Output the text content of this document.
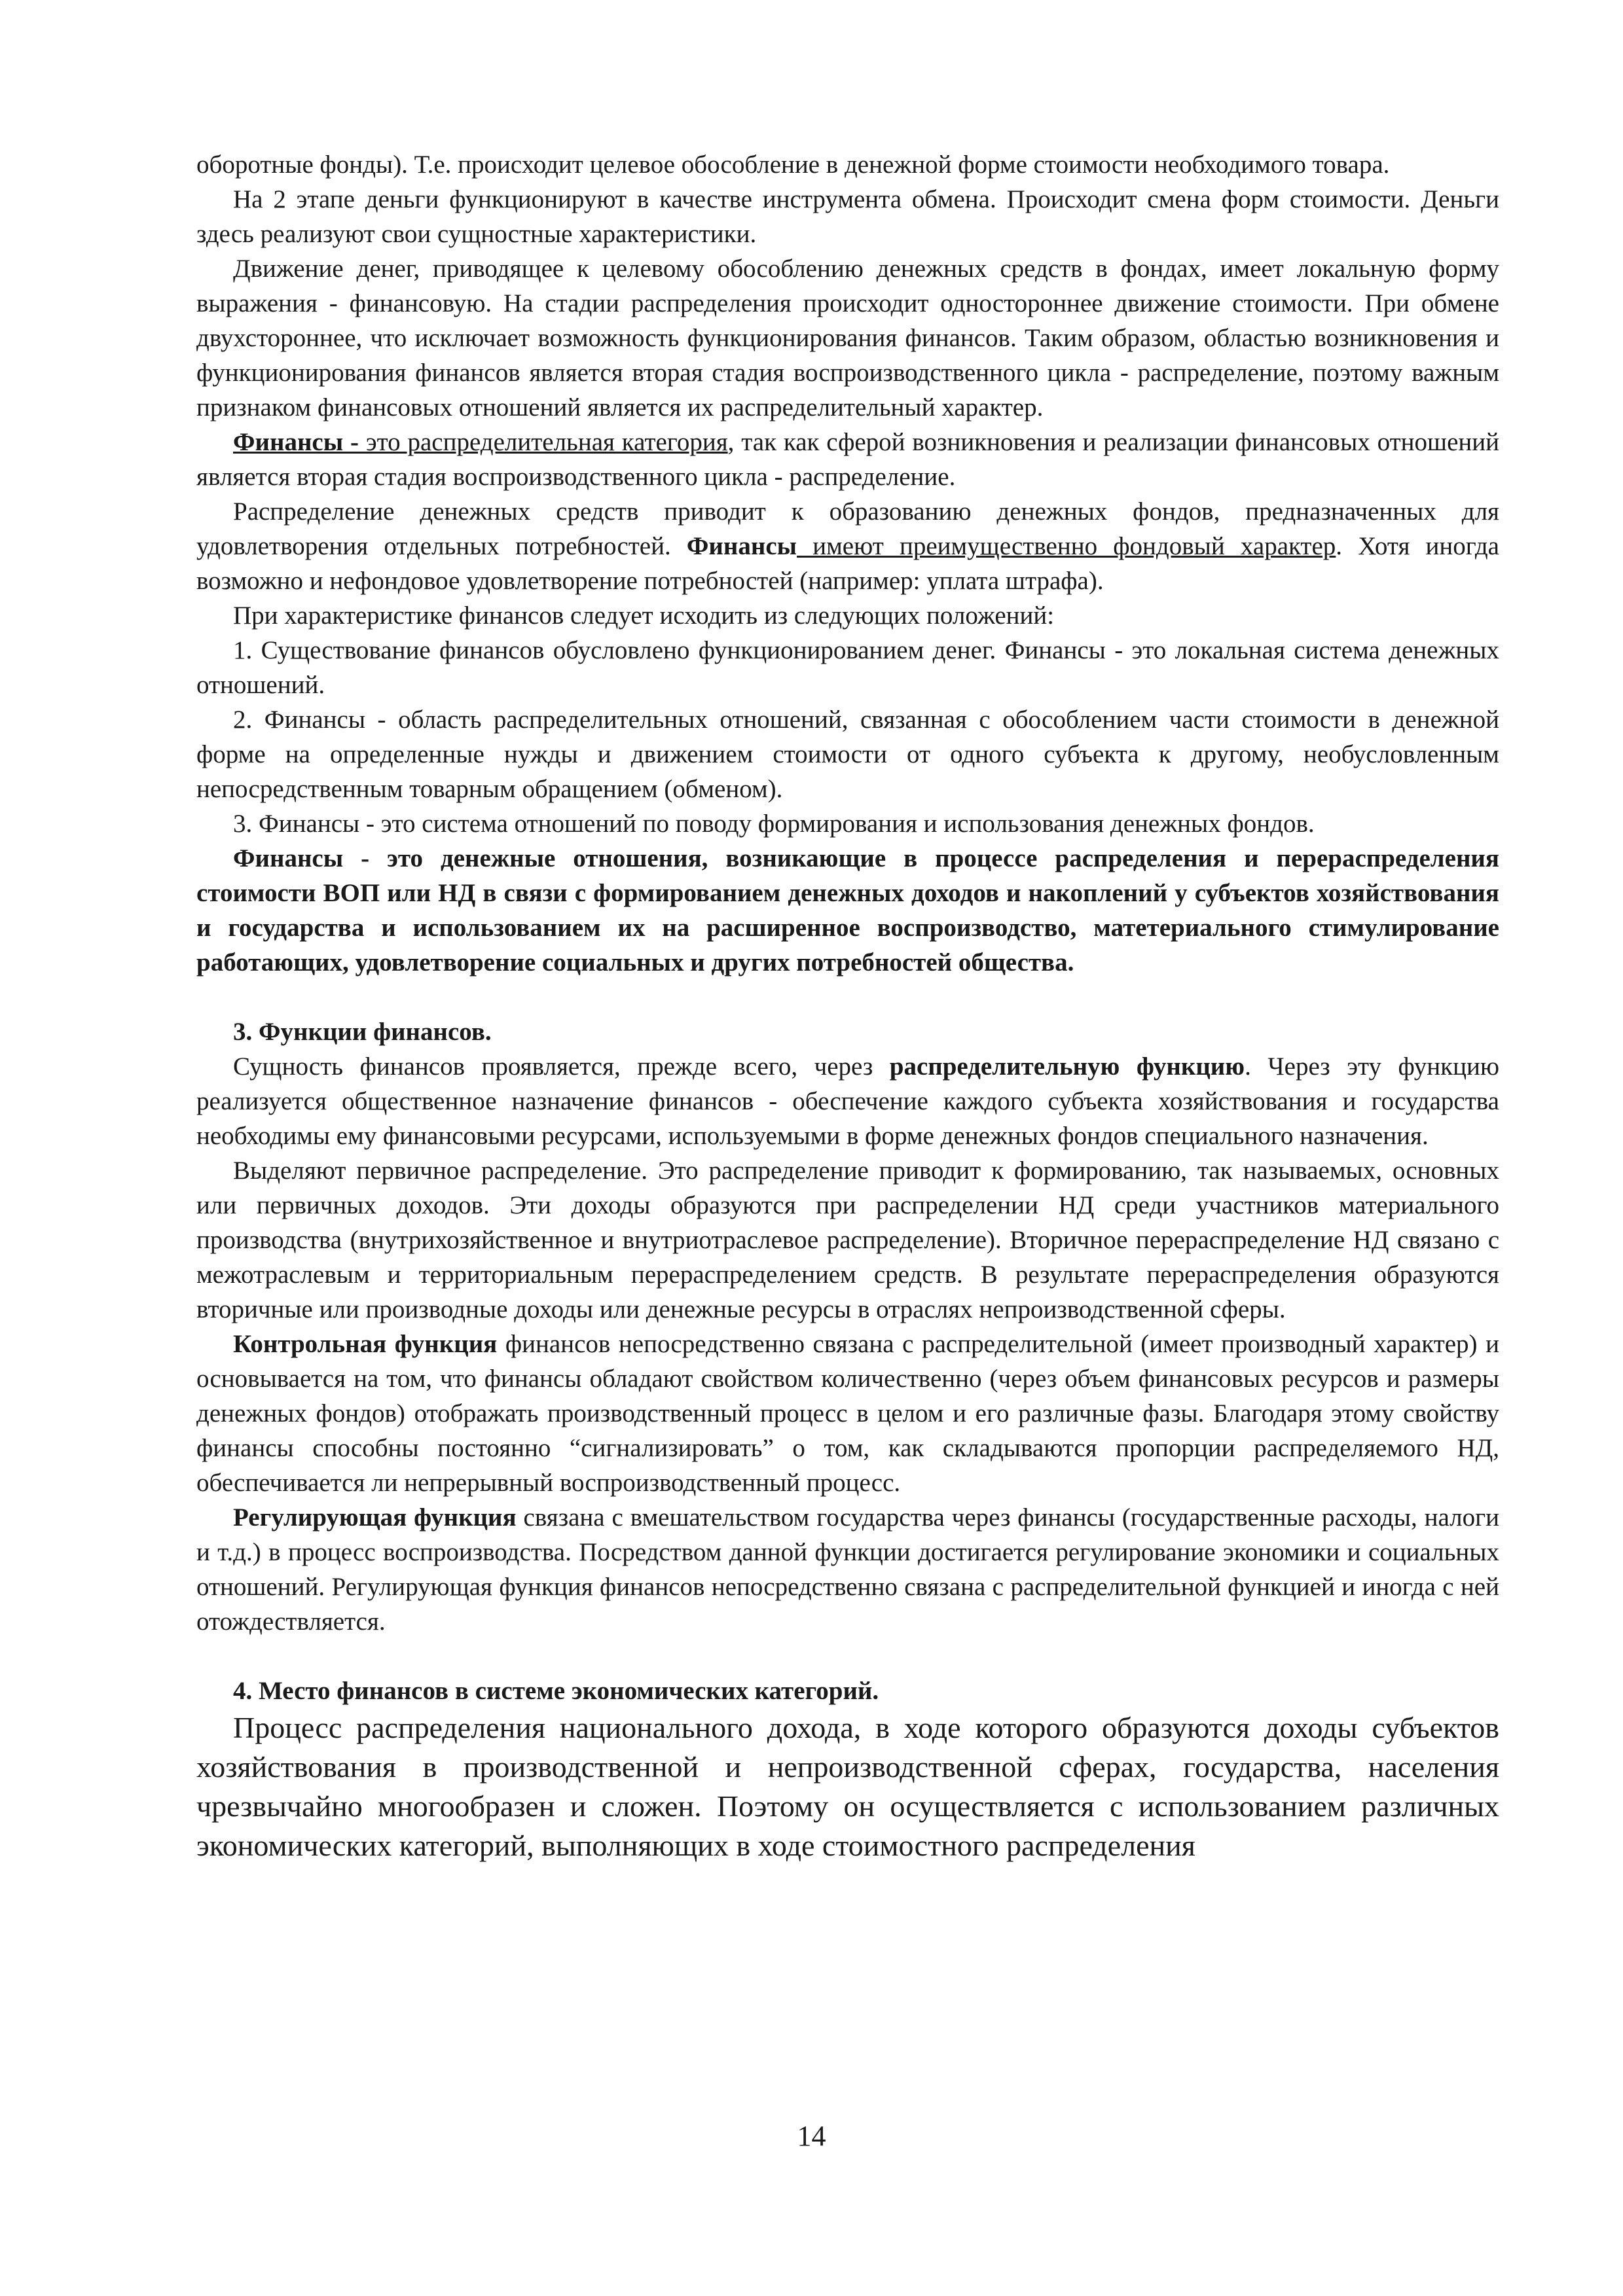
оборотные фонды). Т.е. происходит целевое обособление в денежной форме стоимости необходимого товара.

На 2 этапе деньги функционируют в качестве инструмента обмена. Происходит смена форм стоимости. Деньги здесь реализуют свои сущностные характеристики.

Движение денег, приводящее к целевому обособлению денежных средств в фондах, имеет локальную форму выражения - финансовую. На стадии распределения происходит одностороннее движение стоимости. При обмене двухстороннее, что исключает возможность функционирования финансов. Таким образом, областью возникновения и функционирования финансов является вторая стадия воспроизводственного цикла - распределение, поэтому важным признаком финансовых отношений является их распределительный характер.

Финансы - это распределительная категория, так как сферой возникновения и реализации финансовых отношений является вторая стадия воспроизводственного цикла - распределение.

Распределение денежных средств приводит к образованию денежных фондов, предназначенных для удовлетворения отдельных потребностей. Финансы имеют преимущественно фондовый характер. Хотя иногда возможно и нефондовое удовлетворение потребностей (например: уплата штрафа).

При характеристике финансов следует исходить из следующих положений:

1. Существование финансов обусловлено функционированием денег. Финансы - это локальная система денежных отношений.

2. Финансы - область распределительных отношений, связанная с обособлением части стоимости в денежной форме на определенные нужды и движением стоимости от одного субъекта к другому, необусловленным непосредственным товарным обращением (обменом).

3. Финансы - это система отношений по поводу формирования и использования денежных фондов.

Финансы - это денежные отношения, возникающие в процессе распределения и перераспределения стоимости ВОП или НД в связи с формированием денежных доходов и накоплений у субъектов хозяйствования и государства и использованием их на расширенное воспроизводство, матетериального стимулирование работающих, удовлетворение социальных и других потребностей общества.

3. Функции финансов.

Сущность финансов проявляется, прежде всего, через распределительную функцию. Через эту функцию реализуется общественное назначение финансов - обеспечение каждого субъекта хозяйствования и государства необходимы ему финансовыми ресурсами, используемыми в форме денежных фондов специального назначения.

Выделяют первичное распределение. Это распределение приводит к формированию, так называемых, основных или первичных доходов. Эти доходы образуются при распределении НД среди участников материального производства (внутрихозяйственное и внутриотраслевое распределение). Вторичное перераспределение НД связано с межотраслевым и территориальным перераспределением средств. В результате перераспределения образуются вторичные или производные доходы или денежные ресурсы в отраслях непроизводственной сферы.

Контрольная функция финансов непосредственно связана с распределительной (имеет производный характер) и основывается на том, что финансы обладают свойством количественно (через объем финансовых ресурсов и размеры денежных фондов) отображать производственный процесс в целом и его различные фазы. Благодаря этому свойству финансы способны постоянно “сигнализировать” о том, как складываются пропорции распределяемого НД, обеспечивается ли непрерывный воспроизводственный процесс.

Регулирующая функция связана с вмешательством государства через финансы (государственные расходы, налоги и т.д.) в процесс воспроизводства. Посредством данной функции достигается регулирование экономики и социальных отношений. Регулирующая функция финансов непосредственно связана с распределительной функцией и иногда с ней отождествляется.

4. Место финансов в системе экономических категорий.

Процесс распределения национального дохода, в ходе которого образуются доходы субъектов хозяйствования в производственной и непроизводственной сферах, государства, населения чрезвычайно многообразен и сложен. Поэтому он осуществляется с использованием различных экономических категорий, выполняющих в ходе стоимостного распределения

14
